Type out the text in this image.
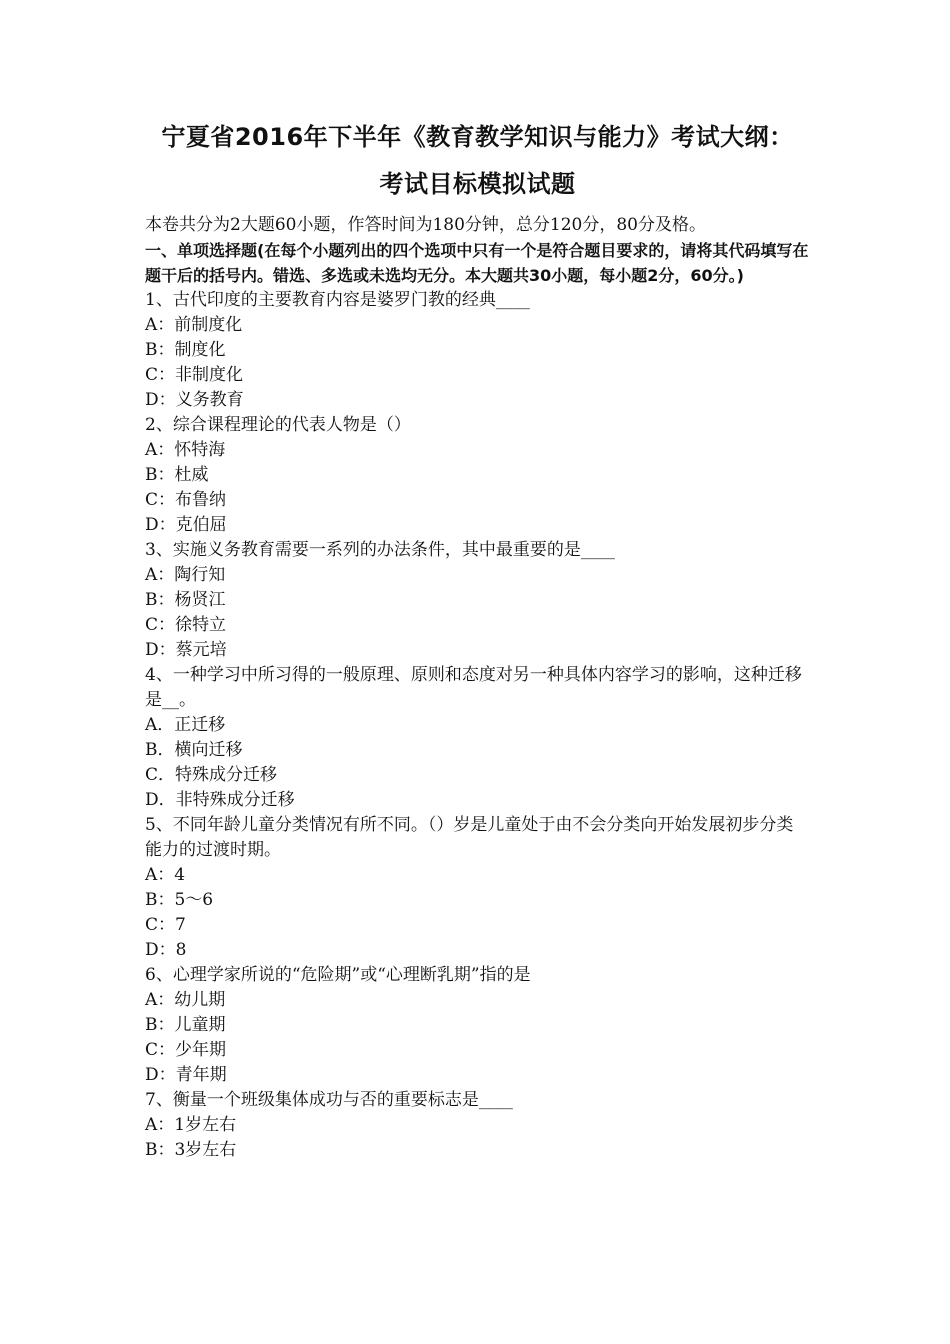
宁夏省2016年下半年《教育教学知识与能力》考试大纲：
考试目标模拟试题

本卷共分为2大题60小题，作答时间为180分钟，总分120分，80分及格。

一、单项选择题(在每个小题列出的四个选项中只有一个是符合题目要求的，请将其代码填写在题干后的括号内。错选、多选或未选均无分。本大题共30小题，每小题2分，60分。)

1、古代印度的主要教育内容是婆罗门教的经典____

A：前制度化

B：制度化

C：非制度化

D：义务教育

2、综合课程理论的代表人物是（）

A：怀特海

B：杜威

C：布鲁纳

D：克伯屈

3、实施义务教育需要一系列的办法条件，其中最重要的是____

A：陶行知

B：杨贤江

C：徐特立

D：蔡元培

4、一种学习中所习得的一般原理、原则和态度对另一种具体内容学习的影响，这种迁移是__。

A．正迁移

B．横向迁移

C．特殊成分迁移

D．非特殊成分迁移

5、不同年龄儿童分类情况有所不同。（）岁是儿童处于由不会分类向开始发展初步分类能力的过渡时期。

A：4

B：5～6

C：7

D：8

6、心理学家所说的“危险期”或“心理断乳期”指的是

A：幼儿期

B：儿童期

C：少年期

D：青年期

7、衡量一个班级集体成功与否的重要标志是____

A：1岁左右

B：3岁左右
